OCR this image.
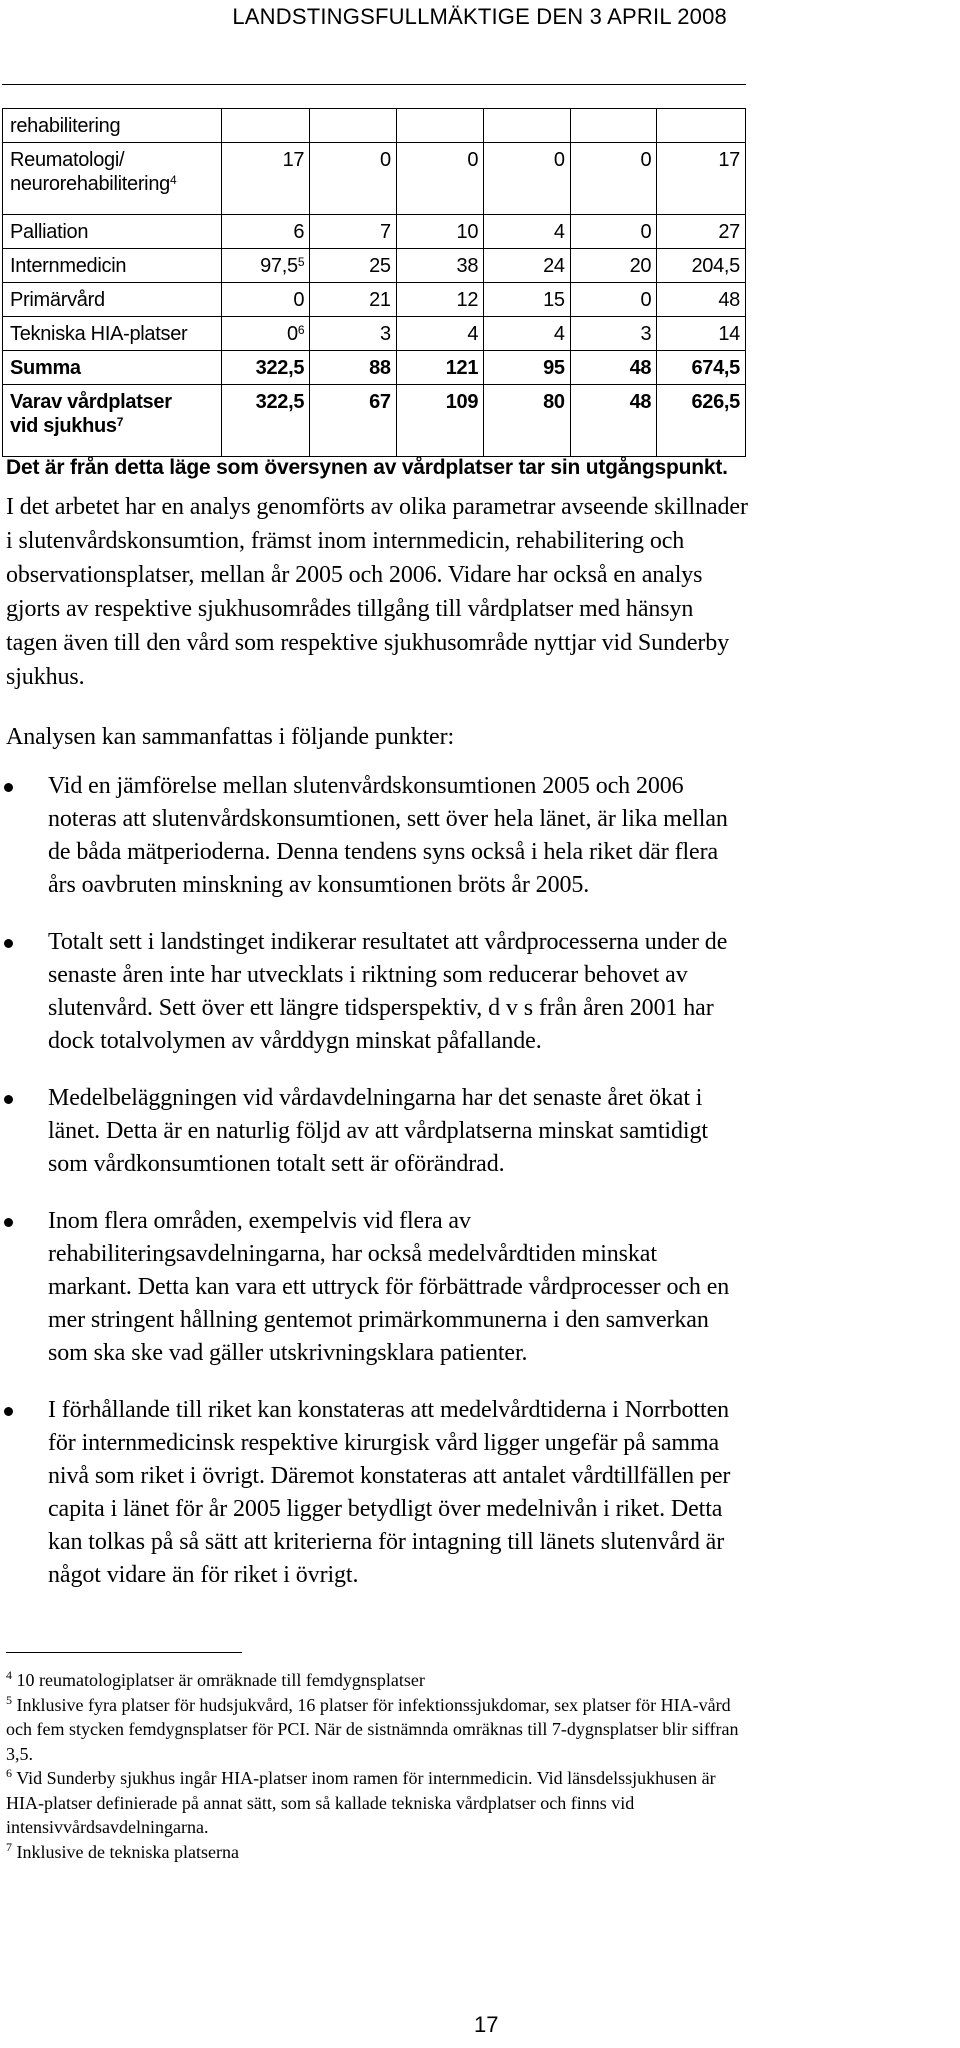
LANDSTINGSFULLMÄKTIGE DEN 3 APRIL 2008
rehabilitering						
Reumatologi/
neurorehabilitering$^4$	17	0	0	0	0	17
Palliation	6	7	10	4	0	27
Internmedicin	97,5$^5$	25	38	24	20	204,5
Primärvård	0	21	12	15	0	48
Tekniska HIA-platser	$0^6$	3	4	4	3	14
Summa	322,5	88	121	95	48	674,5
Varav vårdplatser
vid sjukhus$^7$	322,5	67	109	80	48	626,5
Det är från detta läge som översynen av vårdplatser tar sin utgångspunkt.
I det arbetet har en analys genomförts av olika parametrar avseende skillnader i slutenvårdskonsumtion, främst inom internmedicin, rehabilitering och observationsplatser, mellan år 2005 och 2006. Vidare har också en analys gjorts av respektive sjukhusområdes tillgång till vårdplatser med hänsyn tagen även till den vård som respektive sjukhusområde nyttjar vid Sunderby sjukhus.
Analysen kan sammanfattas i följande punkter:
Vid en jämförelse mellan slutenvårdskonsumtionen 2005 och 2006 noteras att slutenvårdskonsumtionen, sett över hela länet, är lika mellan de båda mätperioderna. Denna tendens syns också i hela riket där flera års oavbruten minskning av konsumtionen bröts år 2005.
Totalt sett i landstinget indikerar resultatet att vårdprocesserna under de senaste åren inte har utvecklats i riktning som reducerar behovet av slutenvård. Sett över ett längre tidsperspektiv, d v s från åren 2001 har dock totalvolymen av vårddygn minskat påfallande.
Medelbeläggningen vid vårdavdelningarna har det senaste året ökat i länet. Detta är en naturlig följd av att vårdplatserna minskat samtidigt som vårdkonsumtionen totalt sett är oförändrad.
Inom flera områden, exempelvis vid flera av rehabiliteringsavdelningarna, har också medelvårdtiden minskat markant. Detta kan vara ett uttryck för förbättrade vårdprocesser och en mer stringent hållning gentemot primärkommunerna i den samverkan som ska ske vad gäller utskrivningsklara patienter.
I förhållande till riket kan konstateras att medelvårdtiderna i Norrbotten för internmedicinsk respektive kirurgisk vård ligger ungefär på samma nivå som riket i övrigt. Däremot konstateras att antalet vårdtillfällen per capita i länet för år 2005 ligger betydligt över medelnivån i riket. Detta kan tolkas på så sätt att kriterierna för intagning till länets slutenvård är något vidare än för riket i övrigt.

$^4$ 10 reumatologiplatser är omräknade till femdygnsplatser

$^5$ Inklusive fyra platser för hudsjukvård, 16 platser för infektionssjukdomar, sex platser för HIA-vård och fem stycken femdygnsplatser för PCI. När de sistnämnda omräknas till 7-dygnsplatser blir siffran 3,5.

$^6$ Vid Sunderby sjukhus ingår HIA-platser inom ramen för internmedicin. Vid länsdelssjukhusen är HIA-platser definierade på annat sätt, som så kallade tekniska vårdplatser och finns vid intensivvårdsavdelningarna.

$^7$ Inklusive de tekniska platserna

17
